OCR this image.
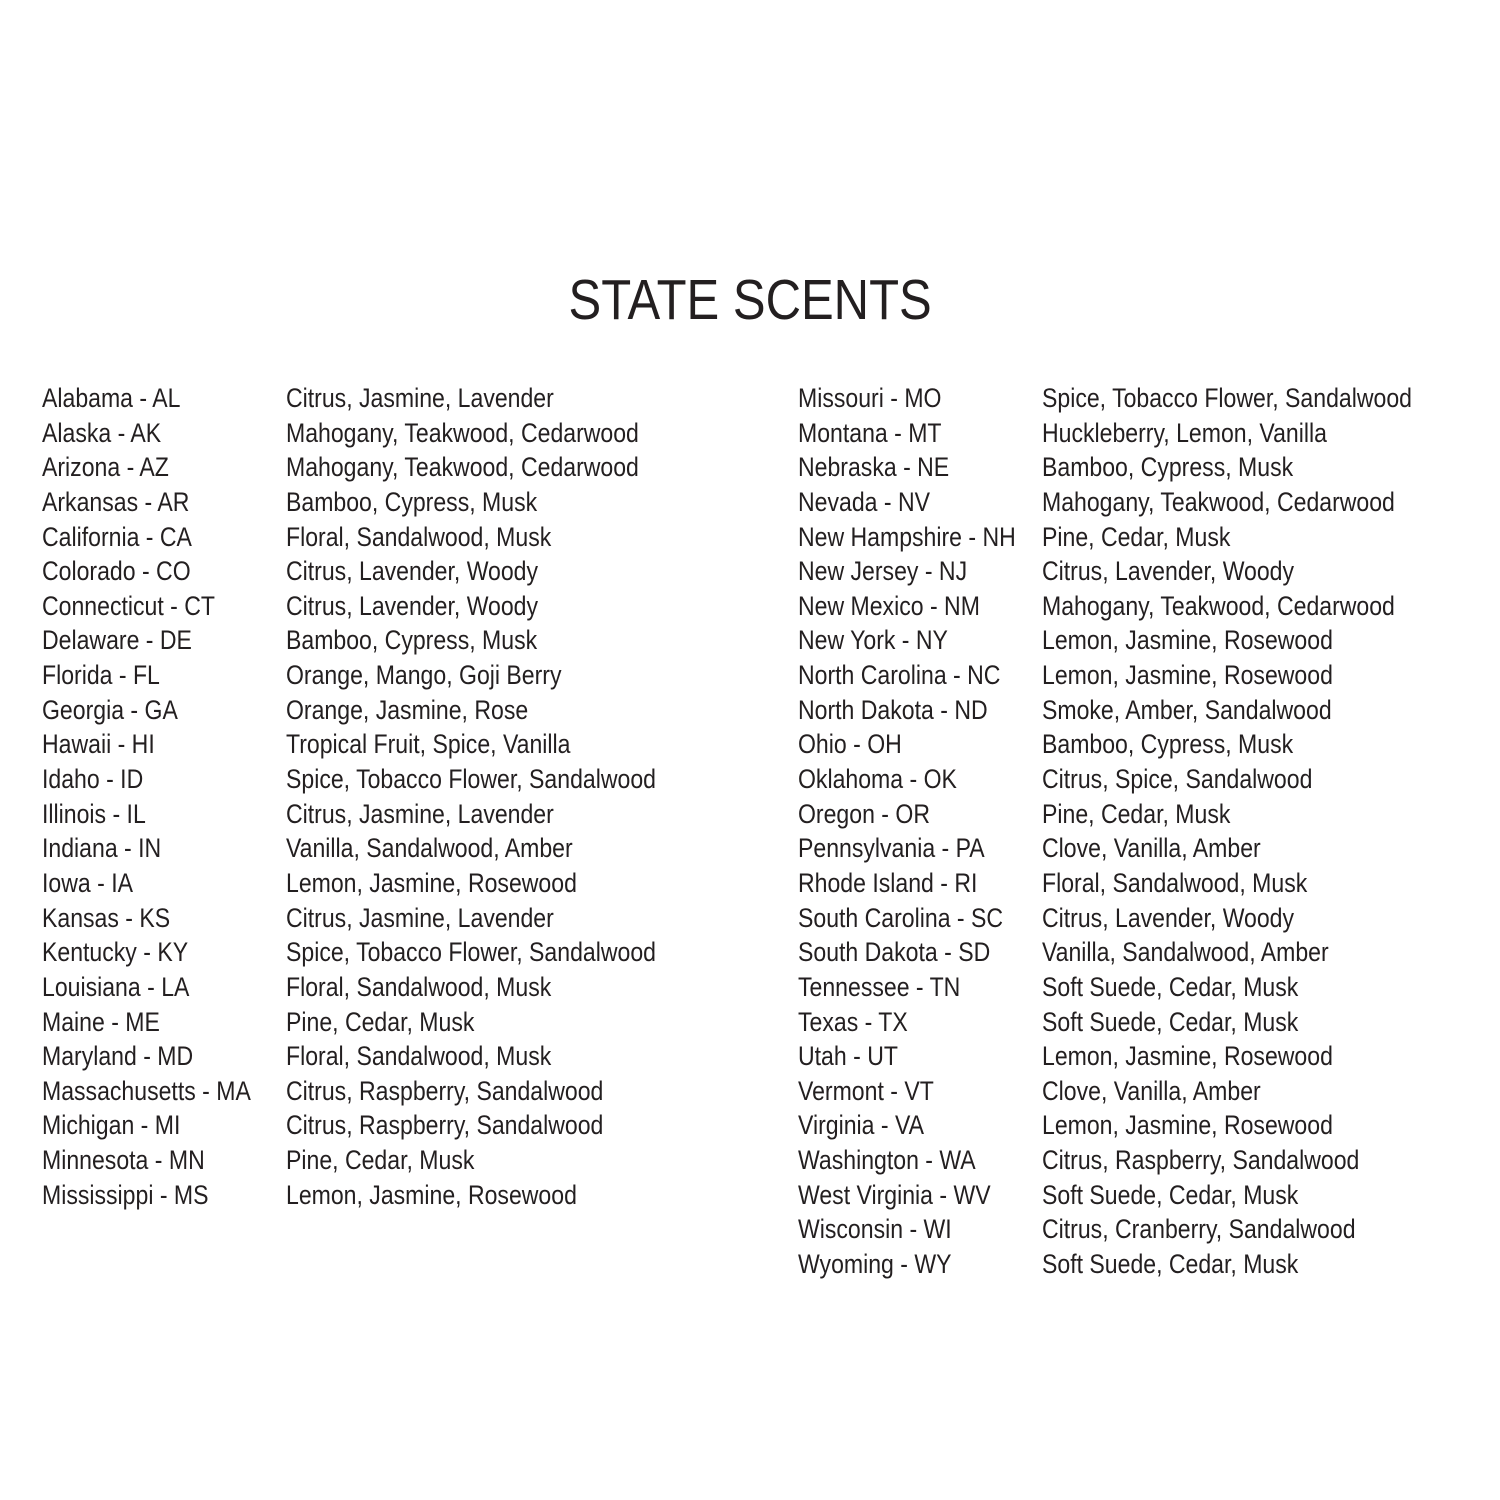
STATE SCENTS
Alabama - AL	Citrus, Jasmine, Lavender
Alaska - AK	Mahogany, Teakwood, Cedarwood
Arizona - AZ	Mahogany, Teakwood, Cedarwood
Arkansas - AR	Bamboo, Cypress, Musk
California - CA	Floral, Sandalwood, Musk
Colorado - CO	Citrus, Lavender, Woody
Connecticut - CT	Citrus, Lavender, Woody
Delaware - DE	Bamboo, Cypress, Musk
Florida - FL	Orange, Mango, Goji Berry
Georgia - GA	Orange, Jasmine, Rose
Hawaii - HI	Tropical Fruit, Spice, Vanilla
Idaho - ID	Spice, Tobacco Flower, Sandalwood
Illinois - IL	Citrus, Jasmine, Lavender
Indiana - IN	Vanilla, Sandalwood, Amber
Iowa - IA	Lemon, Jasmine, Rosewood
Kansas - KS	Citrus, Jasmine, Lavender
Kentucky - KY	Spice, Tobacco Flower, Sandalwood
Louisiana - LA	Floral, Sandalwood, Musk
Maine - ME	Pine, Cedar, Musk
Maryland - MD	Floral, Sandalwood, Musk
Massachusetts - MA Citrus, Raspberry, Sandalwood
Michigan - MI	Citrus, Raspberry, Sandalwood
Minnesota - MN	Pine, Cedar, Musk
Mississippi - MS	Lemon, Jasmine, Rosewood
Missouri - MO	Spice, Tobacco Flower, Sandalwood
Montana - MT	Huckleberry, Lemon, Vanilla
Nebraska - NE	Bamboo, Cypress, Musk
Nevada - NV	Mahogany, Teakwood, Cedarwood
New Hampshire - NH Pine, Cedar, Musk
New Jersey - NJ	Citrus, Lavender, Woody
New Mexico - NM Mahogany, Teakwood, Cedarwood
New York - NY	Lemon, Jasmine, Rosewood
North Carolina - NC Lemon, Jasmine, Rosewood
North Dakota - ND Smoke, Amber, Sandalwood
Ohio - OH	Bamboo, Cypress, Musk
Oklahoma - OK	Citrus, Spice, Sandalwood
Oregon - OR	Pine, Cedar, Musk
Pennsylvania - PA Clove, Vanilla, Amber
Rhode Island - RI Floral, Sandalwood, Musk
South Carolina - SC Citrus, Lavender, Woody
South Dakota - SD Vanilla, Sandalwood, Amber
Tennessee - TN	Soft Suede, Cedar, Musk
Texas - TX	Soft Suede, Cedar, Musk
Utah - UT	Lemon, Jasmine, Rosewood
Vermont - VT	Clove, Vanilla, Amber
Virginia - VA	Lemon, Jasmine, Rosewood
Washington - WA	Citrus, Raspberry, Sandalwood
West Virginia - WV Soft Suede, Cedar, Musk
Wisconsin - WI	Citrus, Cranberry, Sandalwood
Wyoming - WY	Soft Suede, Cedar, Musk
